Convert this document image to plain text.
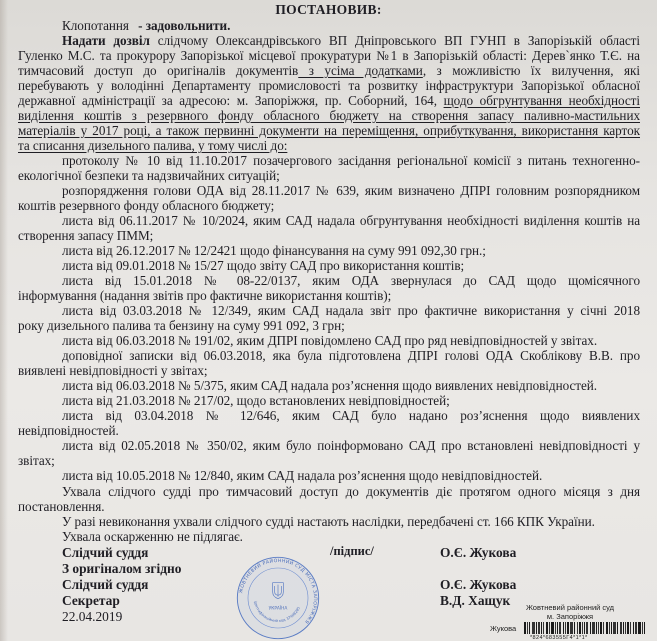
ПОСТАНОВИВ:
Клопотання - задовольнити.
Надати дозвіл слідчому Олександрівського ВП Дніпровського ВП ГУНП в Запорізькій області
Гуленко М.С. та прокурору Запорізької місцевої прокуратури №1 в Запорізькій області: Дерев`янко Т.Є. на
тимчасовий доступ до оригіналів документів з усіма додатками, з можливістю їх вилучення, які
перебувають у володінні Департаменту промисловості та розвитку інфраструктури Запорізької обласної
державної адміністрації за адресою: м. Запоріжжя, пр. Соборний, 164, щодо обгрунтування необхідності
виділення коштів з резервного фонду обласного бюджету на створення запасу паливно-мастильних
матеріалів у 2017 році, а також первинні документи на переміщення, оприбуткування, використання карток
та списання дизельного палива, у тому числі до:
протоколу № 10 від 11.10.2017 позачергового засідання регіональної комісії з питань техногенно-
екологічної безпеки та надзвичайних ситуацій;
розпорядження голови ОДА від 28.11.2017 № 639, яким визначено ДПРІ головним розпорядником
коштів резервного фонду обласного бюджету;
листа від 06.11.2017 № 10/2024, яким САД надала обгрунтування необхідності виділення коштів на
створення запасу ПММ;
листа від 26.12.2017 № 12/2421 щодо фінансування на суму 991 092,30 грн.;
листа від 09.01.2018 № 15/27 щодо звіту САД про використання коштів;
листа від 15.01.2018 № 08-22/0137, яким ОДА звернулася до САД щодо щомісячного
інформування (надання звітів про фактичне використання коштів);
листа від 03.03.2018 № 12/349, яким САД надала звіт про фактичне використання у січні 2018
року дизельного палива та бензину на суму 991 092, 3 грн;
листа від 06.03.2018 № 191/02, яким ДПРІ повідомлено САД про ряд невідповідностей у звітах.
доповідної записки від 06.03.2018, яка була підготовлена ДПРІ голові ОДА Скоблікову В.В. про
виявлені невідповідності у звітах;
листа від 06.03.2018 № 5/375, яким САД надала роз’яснення щодо виявлених невідповідностей.
листа від 21.03.2018 № 217/02, щодо встановлених невідповідностей;
листа від 03.04.2018 № 12/646, яким САД було надано роз’яснення щодо виявлених
невідповідностей.
листа від 02.05.2018 № 350/02, яким було поінформовано САД про встановлені невідповідності у
звітах;
листа від 10.05.2018 № 12/840, яким САД надала роз’яснення щодо невідповідностей.
Ухвала слідчого судді про тимчасовий доступ до документів діє протягом одного місяця з дня
постановлення.
У разі невиконання ухвали слідчого судді настають наслідки, передбачені ст. 166 КПК України.
Ухвала оскарженню не підлягає.
Слідчий суддя
З оригіналом згідно
Слідчий суддя
Секретар
22.04.2019
ЖОВТНЕВИЙ РАЙОННИЙ СУД МІСТА ЗАПОРІЖЖЯ
ідентифікаційний код 37408285
УКРАЇНА
/підпис/	О.Є. Жукова
О.Є. Жукова
В.Д. Хащук	Жовтневий районний суд
м. Запоріжжя
Жукова
*824*683555Г4*1*1*
